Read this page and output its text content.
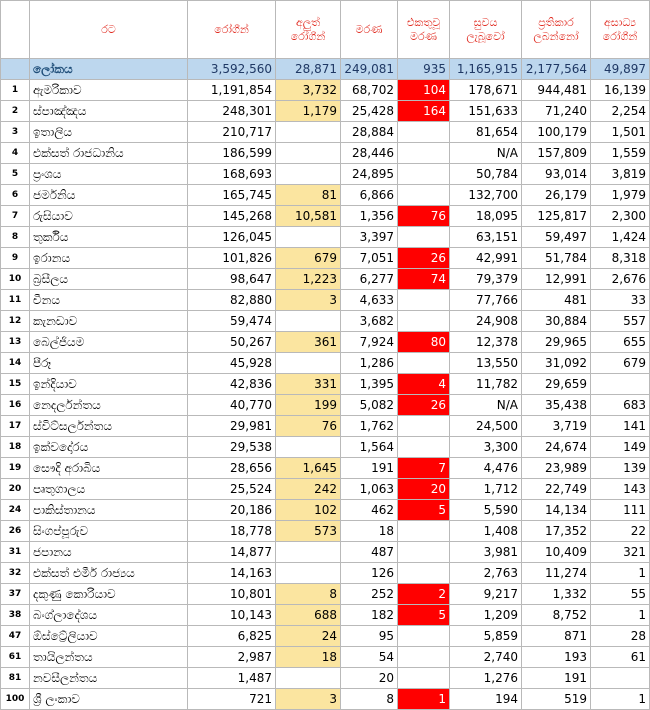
	රට	රෝගීන්	අලුත් රෝගීන්	මරණ	එකතුවූ මරණ	සුවය ලැබූවෝ	ප්‍රතිකාර ලබන්නෝ	අසාධ්‍ය රෝගීන්
	ලෝකය	3,592,560	28,871	249,081	935	1,165,915	2,177,564	49,897
1	ඇමරිකාව	1,191,854	3,732	68,702	104	178,671	944,481	16,139
2	ස්පාඤ්ඤය	248,301	1,179	25,428	164	151,633	71,240	2,254
3	ඉතාලිය	210,717		28,884		81,654	100,179	1,501
4	එක්සත් රාජධානිය	186,599		28,446		N/A	157,809	1,559
5	ප්‍රංශය	168,693		24,895		50,784	93,014	3,819
6	ජර්මනිය	165,745	81	6,866		132,700	26,179	1,979
7	රුසියාව	145,268	10,581	1,356	76	18,095	125,817	2,300
8	තුර්කිය	126,045		3,397		63,151	59,497	1,424
9	ඉරානය	101,826	679	7,051	26	42,991	51,784	8,318
10	බ්‍රසීලය	98,647	1,223	6,277	74	79,379	12,991	2,676
11	චීනය	82,880	3	4,633		77,766	481	33
12	කැනඩාව	59,474		3,682		24,908	30,884	557
13	බෙල්ජියම	50,267	361	7,924	80	12,378	29,965	655
14	පීරූ	45,928		1,286		13,550	31,092	679
15	ඉන්දියාව	42,836	331	1,395	4	11,782	29,659	
16	නෙදර්ලන්තය	40,770	199	5,082	26	N/A	35,438	683
17	ස්විට්සර්ලන්තය	29,981	76	1,762		24,500	3,719	141
18	ඉක්වදෝරය	29,538		1,564		3,300	24,674	149
19	සෞදි අරාබිය	28,656	1,645	191	7	4,476	23,989	139
20	පෘතුගාලය	25,524	242	1,063	20	1,712	22,749	143
24	පාකිස්තානය	20,186	102	462	5	5,590	14,134	111
26	සිංගප්පූරුව	18,778	573	18		1,408	17,352	22
31	ජපානය	14,877		487		3,981	10,409	321
32	එක්සත් එමීර් රාජ්‍යය	14,163		126		2,763	11,274	1
37	දකුණු කොරියාව	10,801	8	252	2	9,217	1,332	55
38	බංග්ලාදේශය	10,143	688	182	5	1,209	8,752	1
47	ඕස්ට්‍රේලියාව	6,825	24	95		5,859	871	28
61	තායිලන්තය	2,987	18	54		2,740	193	61
81	නවසීලන්තය	1,487		20		1,276	191	
100	ශ්‍රී ලංකාව	721	3	8	1	194	519	1
